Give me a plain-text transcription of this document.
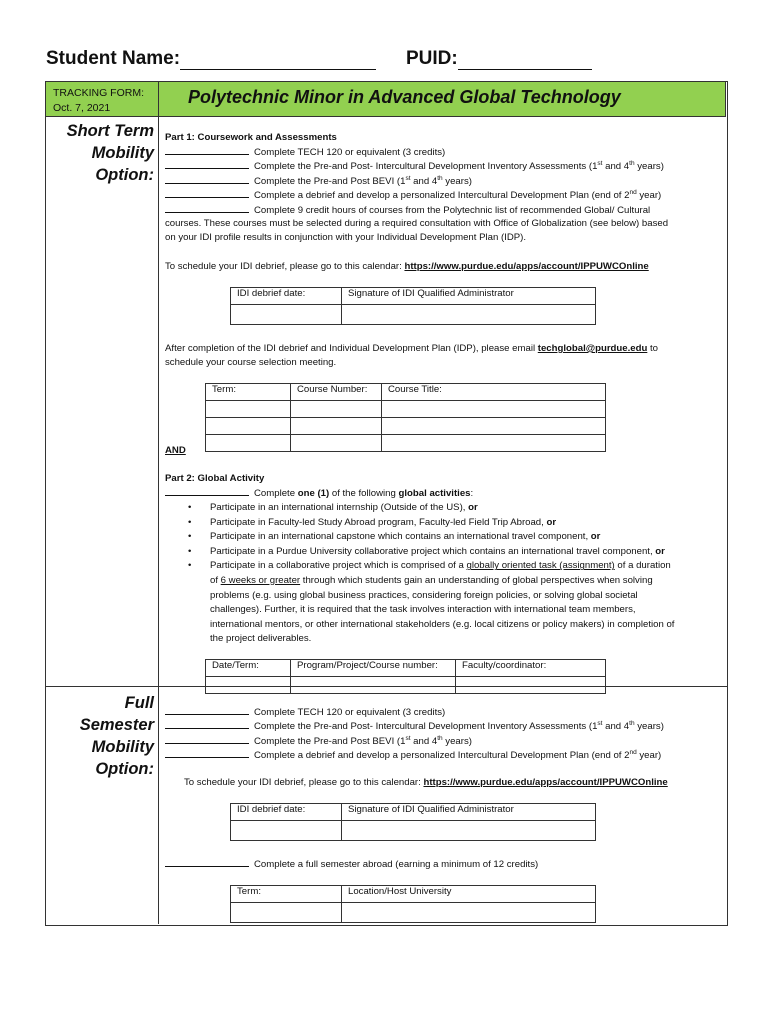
Student Name:	PUID:
TRACKING FORM:
Oct. 7, 2021
Polytechnic Minor in Advanced Global Technology
Short Term
Mobility
Option:
Part 1: Coursework and Assessments
Complete TECH 120 or equivalent (3 credits)
Complete the Pre-and Post- Intercultural Development Inventory Assessments (1st and 4th years)
Complete the Pre-and Post BEVI (1st and 4th years)
Complete a debrief and develop a personalized Intercultural Development Plan (end of 2nd year)
Complete 9 credit hours of courses from the Polytechnic list of recommended Global/ Cultural
courses. These courses must be selected during a required consultation with Office of Globalization (see below) based
on your IDI profile results in conjunction with your Individual Development Plan (IDP).
To schedule your IDI debrief, please go to this calendar: https://www.purdue.edu/apps/account/IPPUWCOnline
IDI debrief date:	Signature of IDI Qualified Administrator

After completion of the IDI debrief and Individual Development Plan (IDP), please email techglobal@purdue.edu to
schedule your course selection meeting.
Term:	Course Number:	Course Title:

AND
Part 2: Global Activity
Complete one (1) of the following global activities:
• Participate in an international internship (Outside of the US), or
• Participate in Faculty-led Study Abroad program, Faculty-led Field Trip Abroad, or
• Participate in an international capstone which contains an international travel component, or
• Participate in a Purdue University collaborative project which contains an international travel component, or
• Participate in a collaborative project which is comprised of a globally oriented task (assignment) of a duration
of 6 weeks or greater through which students gain an understanding of global perspectives when solving
problems (e.g. using global business practices, considering foreign policies, or solving global societal
challenges). Further, it is required that the task involves interaction with international team members,
international mentors, or other international stakeholders (e.g. local citizens or policy makers) in completion of
the project deliverables.
Date/Term:	Program/Project/Course number:	Faculty/coordinator:

Full Semester
Mobility
Option:
Complete TECH 120 or equivalent (3 credits)
Complete the Pre-and Post- Intercultural Development Inventory Assessments (1st and 4th years)
Complete the Pre-and Post BEVI (1st and 4th years)
Complete a debrief and develop a personalized Intercultural Development Plan (end of 2nd year)
To schedule your IDI debrief, please go to this calendar: https://www.purdue.edu/apps/account/IPPUWCOnline
IDI debrief date:	Signature of IDI Qualified Administrator

Complete a full semester abroad (earning a minimum of 12 credits)
Term:	Location/Host University
